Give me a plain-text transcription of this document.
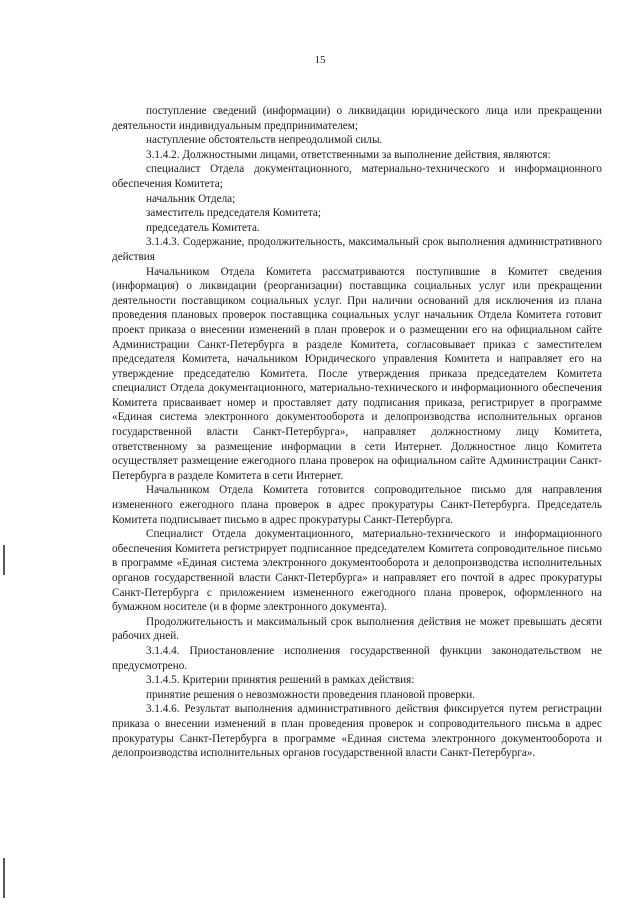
15

поступление сведений (информации) о ликвидации юридического лица или прекращении деятельности индивидуальным предпринимателем;

наступление обстоятельств непреодолимой силы.

3.1.4.2. Должностными лицами, ответственными за выполнение действия, являются:

специалист Отдела документационного, материально-технического и информационного обеспечения Комитета;

начальник Отдела;

заместитель председателя Комитета;

председатель Комитета.

3.1.4.3. Содержание, продолжительность, максимальный срок выполнения административного действия

Начальником Отдела Комитета рассматриваются поступившие в Комитет сведения (информация) о ликвидации (реорганизации) поставщика социальных услуг или прекращении деятельности поставщиком социальных услуг. При наличии оснований для исключения из плана проведения плановых проверок поставщика социальных услуг начальник Отдела Комитета готовит проект приказа о внесении изменений в план проверок и о размещении его на официальном сайте Администрации Санкт-Петербурга в разделе Комитета, согласовывает приказ с заместителем председателя Комитета, начальником Юридического управления Комитета и направляет его на утверждение председателю Комитета. После утверждения приказа председателем Комитета специалист Отдела документационного, материально-технического и информационного обеспечения Комитета присваивает номер и проставляет дату подписания приказа, регистрирует в программе «Единая система электронного документооборота и делопроизводства исполнительных органов государственной власти Санкт-Петербурга», направляет должностному лицу Комитета, ответственному за размещение информации в сети Интернет. Должностное лицо Комитета осуществляет размещение ежегодного плана проверок на официальном сайте Администрации Санкт-Петербурга в разделе Комитета в сети Интернет.

Начальником Отдела Комитета готовится сопроводительное письмо для направления измененного ежегодного плана проверок в адрес прокуратуры Санкт-Петербурга. Председатель Комитета подписывает письмо в адрес прокуратуры Санкт-Петербурга.

Специалист Отдела документационного, материально-технического и информационного обеспечения Комитета регистрирует подписанное председателем Комитета сопроводительное письмо в программе «Единая система электронного документооборота и делопроизводства исполнительных органов государственной власти Санкт-Петербурга» и направляет его почтой в адрес прокуратуры Санкт-Петербурга с приложением измененного ежегодного плана проверок, оформленного на бумажном носителе (и в форме электронного документа).

Продолжительность и максимальный срок выполнения действия не может превышать десяти рабочих дней.

3.1.4.4. Приостановление исполнения государственной функции законодательством не предусмотрено.

3.1.4.5. Критерии принятия решений в рамках действия:

принятие решения о невозможности проведения плановой проверки.

3.1.4.6. Результат выполнения административного действия фиксируется путем регистрации приказа о внесении изменений в план проведения проверок и сопроводительного письма в адрес прокуратуры Санкт-Петербурга в программе «Единая система электронного документооборота и делопроизводства исполнительных органов государственной власти Санкт-Петербурга».
